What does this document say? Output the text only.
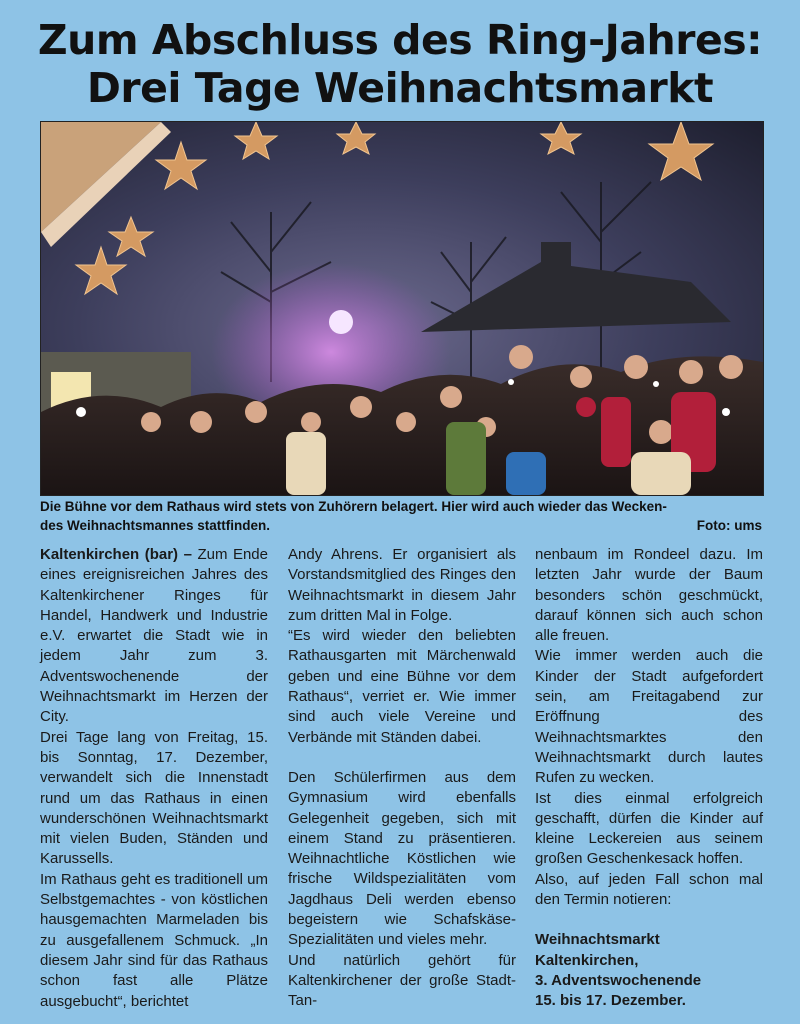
Zum Abschluss des Ring-Jahres:
Drei Tage Weihnachtsmarkt
Die Bühne vor dem Rathaus wird stets von Zuhörern belagert. Hier wird auch wieder das Wecken-
des Weihnachtsmannes stattfinden.	Foto: ums

Kaltenkirchen (bar) – Zum Ende eines ereignisreichen Jahres des Kaltenkirchener Ringes für Handel, Handwerk und Industrie e.V. erwartet die Stadt wie in jedem Jahr zum 3. Adventswochenende der Weihnachtsmarkt im Herzen der City.

Drei Tage lang von Freitag, 15. bis Sonntag, 17. Dezember, verwandelt sich die Innenstadt rund um das Rathaus in einen wunderschönen Weihnachtsmarkt mit vielen Buden, Ständen und Karussells.

Im Rathaus geht es traditionell um Selbstgemachtes - von köstlichen hausgemachten Marmeladen bis zu ausgefallenem Schmuck. „In diesem Jahr sind für das Rathaus schon fast alle Plätze ausgebucht“, berichtet

Andy Ahrens. Er organisiert als Vorstandsmitglied des Ringes den Weihnachtsmarkt in diesem Jahr zum dritten Mal in Folge.

“Es wird wieder den beliebten Rathausgarten mit Märchenwald geben und eine Bühne vor dem Rathaus“, verriet er. Wie immer sind auch viele Vereine und Verbände mit Ständen dabei.

Den Schülerfirmen aus dem Gymnasium wird ebenfalls Gelegenheit gegeben, sich mit einem Stand zu präsentieren. Weihnachtliche Köstlichen wie frische Wildspezialitäten vom Jagdhaus Deli werden ebenso begeistern wie Schafskäse-Spezialitäten und vieles mehr.

Und natürlich gehört für Kaltenkirchener der große Stadt-Tan-

nenbaum im Rondeel dazu. Im letzten Jahr wurde der Baum besonders schön geschmückt, darauf können sich auch schon alle freuen.

Wie immer werden auch die Kinder der Stadt aufgefordert sein, am Freitagabend zur Eröffnung des Weihnachtsmarktes den Weihnachtsmarkt durch lautes Rufen zu wecken.

Ist dies einmal erfolgreich geschafft, dürfen die Kinder auf kleine Leckereien aus seinem großen Geschenkesack hoffen.

Also, auf jeden Fall schon mal den Termin notieren:

Weihnachtsmarkt Kaltenkirchen,

3. Adventswochenende

15. bis 17. Dezember.
